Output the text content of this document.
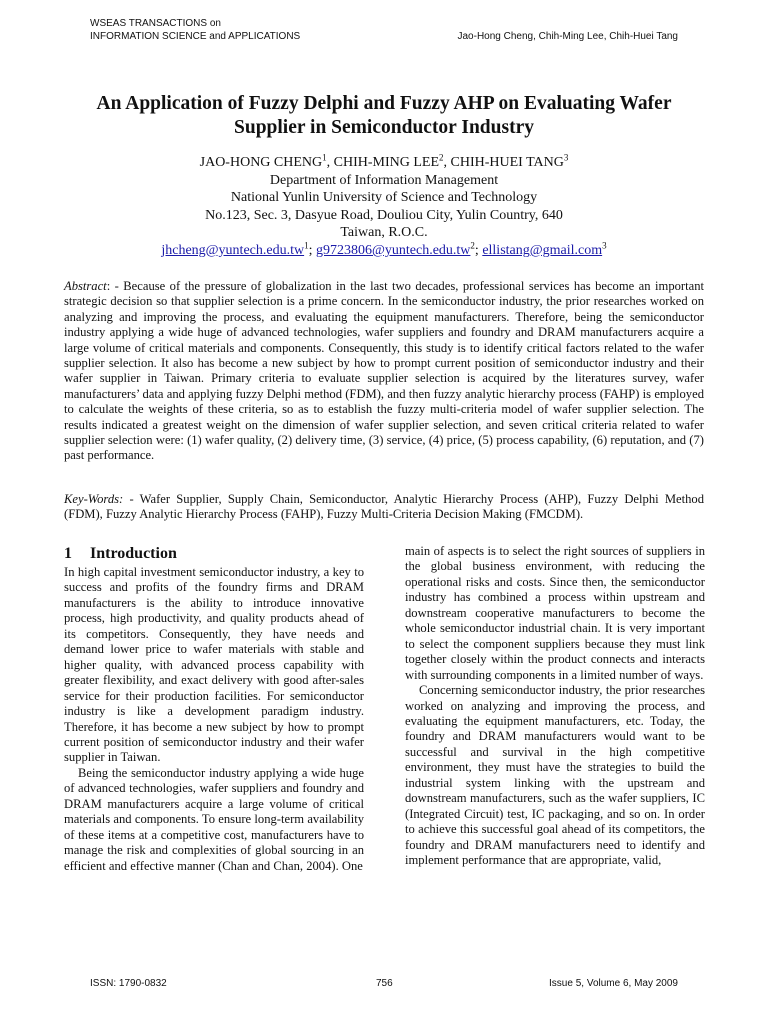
WSEAS TRANSACTIONS on
INFORMATION SCIENCE and APPLICATIONS	Jao-Hong Cheng, Chih-Ming Lee, Chih-Huei Tang
An Application of Fuzzy Delphi and Fuzzy AHP on Evaluating Wafer Supplier in Semiconductor Industry
JAO-HONG CHENG$^1$, CHIH-MING LEE$^2$, CHIH-HUEI TANG$^3$
Department of Information Management
National Yunlin University of Science and Technology
No.123, Sec. 3, Dasyue Road, Douliou City, Yulin Country, 640
Taiwan, R.O.C.
$jhcheng@yuntech.edu.tw^1$; $g9723806@yuntech.edu.tw^2$; ellistang@gmail.com$^3$
Abstract: - Because of the pressure of globalization in the last two decades, professional services has become an important strategic decision so that supplier selection is a prime concern. In the semiconductor industry, the prior researches worked on analyzing and improving the process, and evaluating the equipment manufacturers. Therefore, being the semiconductor industry applying a wide huge of advanced technologies, wafer suppliers and foundry and DRAM manufacturers acquire a large volume of critical materials and components. Consequently, this study is to identify critical factors related to the wafer supplier selection. It also has become a new subject by how to prompt current position of semiconductor industry and their wafer supplier in Taiwan. Primary criteria to evaluate supplier selection is acquired by the literatures survey, wafer manufacturers’ data and applying fuzzy Delphi method (FDM), and then fuzzy analytic hierarchy process (FAHP) is employed to calculate the weights of these criteria, so as to establish the fuzzy multi-criteria model of wafer supplier selection. The results indicated a greatest weight on the dimension of wafer supplier selection, and seven critical criteria related to wafer supplier selection were: (1) wafer quality, (2) delivery time, (3) service, (4) price, (5) process capability, (6) reputation, and (7) past performance.
Key-Words: - Wafer Supplier, Supply Chain, Semiconductor, Analytic Hierarchy Process (AHP), Fuzzy Delphi Method (FDM), Fuzzy Analytic Hierarchy Process (FAHP), Fuzzy Multi-Criteria Decision Making (FMCDM).
1 Introduction

In high capital investment semiconductor industry, a key to success and profits of the foundry firms and DRAM manufacturers is the ability to introduce innovative process, high productivity, and quality products ahead of its competitors. Consequently, they have needs and demand lower price to wafer materials with stable and higher quality, with advanced process capability with greater flexibility, and exact delivery with good after-sales service for their production facilities. For semiconductor industry is like a development paradigm industry. Therefore, it has become a new subject by how to prompt current position of semiconductor industry and their wafer supplier in Taiwan.

Being the semiconductor industry applying a wide huge of advanced technologies, wafer suppliers and foundry and DRAM manufacturers acquire a large volume of critical materials and components. To ensure long-term availability of these items at a competitive cost, manufacturers have to manage the risk and complexities of global sourcing in an efficient and effective manner (Chan and Chan, 2004). One

main of aspects is to select the right sources of suppliers in the global business environment, with reducing the operational risks and costs. Since then, the semiconductor industry has combined a process within upstream and downstream cooperative manufacturers to become the whole semiconductor industrial chain. It is very important to select the component suppliers because they must link together closely within the product connects and interacts with surrounding components in a limited number of ways.

Concerning semiconductor industry, the prior researches worked on analyzing and improving the process, and evaluating the equipment manufacturers, etc. Today, the foundry and DRAM manufacturers would want to be successful and survival in the high competitive environment, they must have the strategies to build the industrial system linking with the upstream and downstream manufacturers, such as the wafer suppliers, IC (Integrated Circuit) test, IC packaging, and so on. In order to achieve this successful goal ahead of its competitors, the foundry and DRAM manufacturers need to identify and implement performance that are appropriate, valid,

ISSN: 1790-0832	756	Issue 5, Volume 6, May 2009
